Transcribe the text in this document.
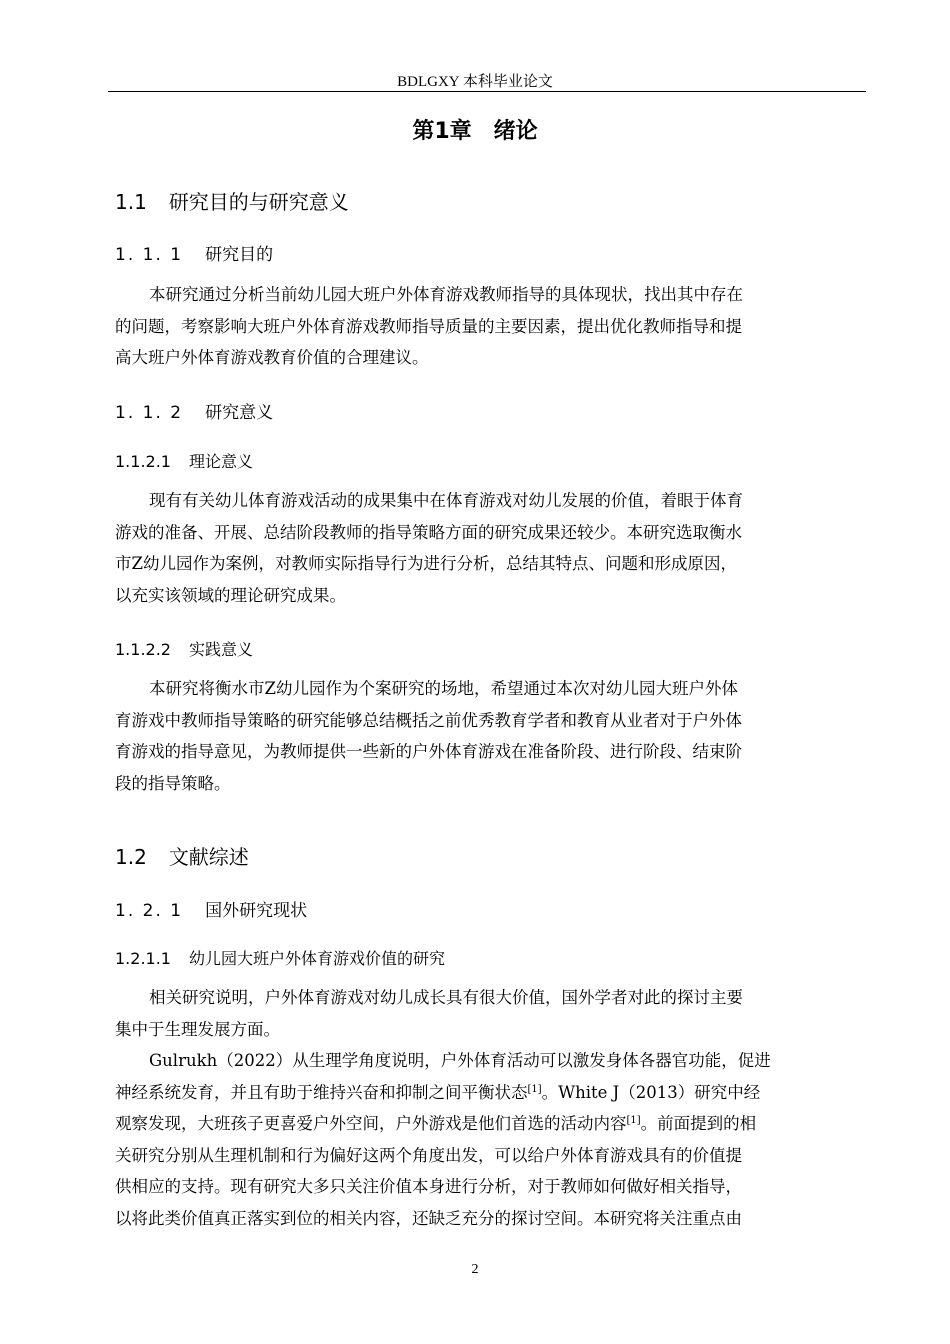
BDLGXY 本科毕业论文
第1章　绪论
1.1 研究目的与研究意义
1. 1. 1 研究目的
本研究通过分析当前幼儿园大班户外体育游戏教师指导的具体现状，找出其中存在
的问题，考察影响大班户外体育游戏教师指导质量的主要因素，提出优化教师指导和提
高大班户外体育游戏教育价值的合理建议。
1. 1. 2 研究意义
1.1.2.1 理论意义
现有有关幼儿体育游戏活动的成果集中在体育游戏对幼儿发展的价值，着眼于体育
游戏的准备、开展、总结阶段教师的指导策略方面的研究成果还较少。本研究选取衡水
市Z幼儿园作为案例，对教师实际指导行为进行分析，总结其特点、问题和形成原因，
以充实该领域的理论研究成果。
1.1.2.2 实践意义
本研究将衡水市Z幼儿园作为个案研究的场地，希望通过本次对幼儿园大班户外体
育游戏中教师指导策略的研究能够总结概括之前优秀教育学者和教育从业者对于户外体
育游戏的指导意见，为教师提供一些新的户外体育游戏在准备阶段、进行阶段、结束阶
段的指导策略。
1.2 文献综述
1. 2. 1 国外研究现状
1.2.1.1 幼儿园大班户外体育游戏价值的研究
相关研究说明，户外体育游戏对幼儿成长具有很大价值，国外学者对此的探讨主要
集中于生理发展方面。
Gulrukh（2022）从生理学角度说明，户外体育活动可以激发身体各器官功能，促进
神经系统发育，并且有助于维持兴奋和抑制之间平衡状态[1]。White J（2013）研究中经
观察发现，大班孩子更喜爱户外空间，户外游戏是他们首选的活动内容[1]。前面提到的相
关研究分别从生理机制和行为偏好这两个角度出发，可以给户外体育游戏具有的价值提
供相应的支持。现有研究大多只关注价值本身进行分析，对于教师如何做好相关指导，
以将此类价值真正落实到位的相关内容，还缺乏充分的探讨空间。本研究将关注重点由
2
